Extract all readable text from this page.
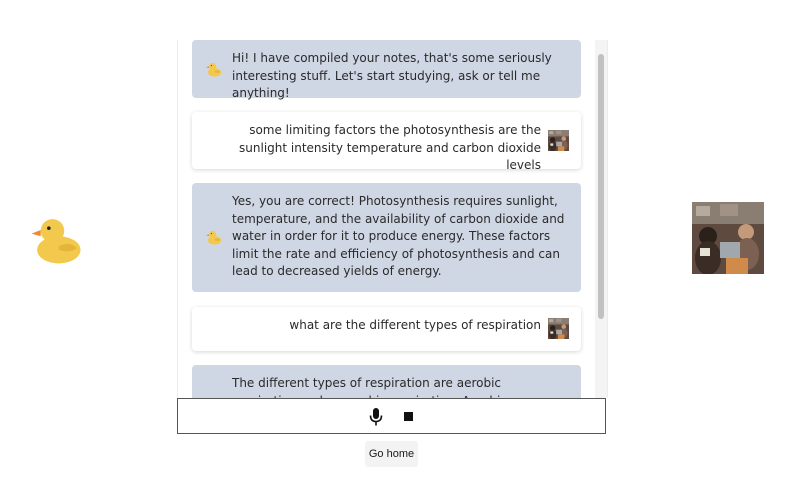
Hi! I have compiled your notes, that's some seriously interesting stuff. Let's start studying, ask or tell me anything!
some limiting factors the photosynthesis are the sunlight intensity temperature and carbon dioxide levels
Yes, you are correct! Photosynthesis requires sunlight, temperature, and the availability of carbon dioxide and water in order for it to produce energy. These factors limit the rate and efficiency of photosynthesis and can lead to decreased yields of energy.
what are the different types of respiration
The different types of respiration are aerobic
Go home
